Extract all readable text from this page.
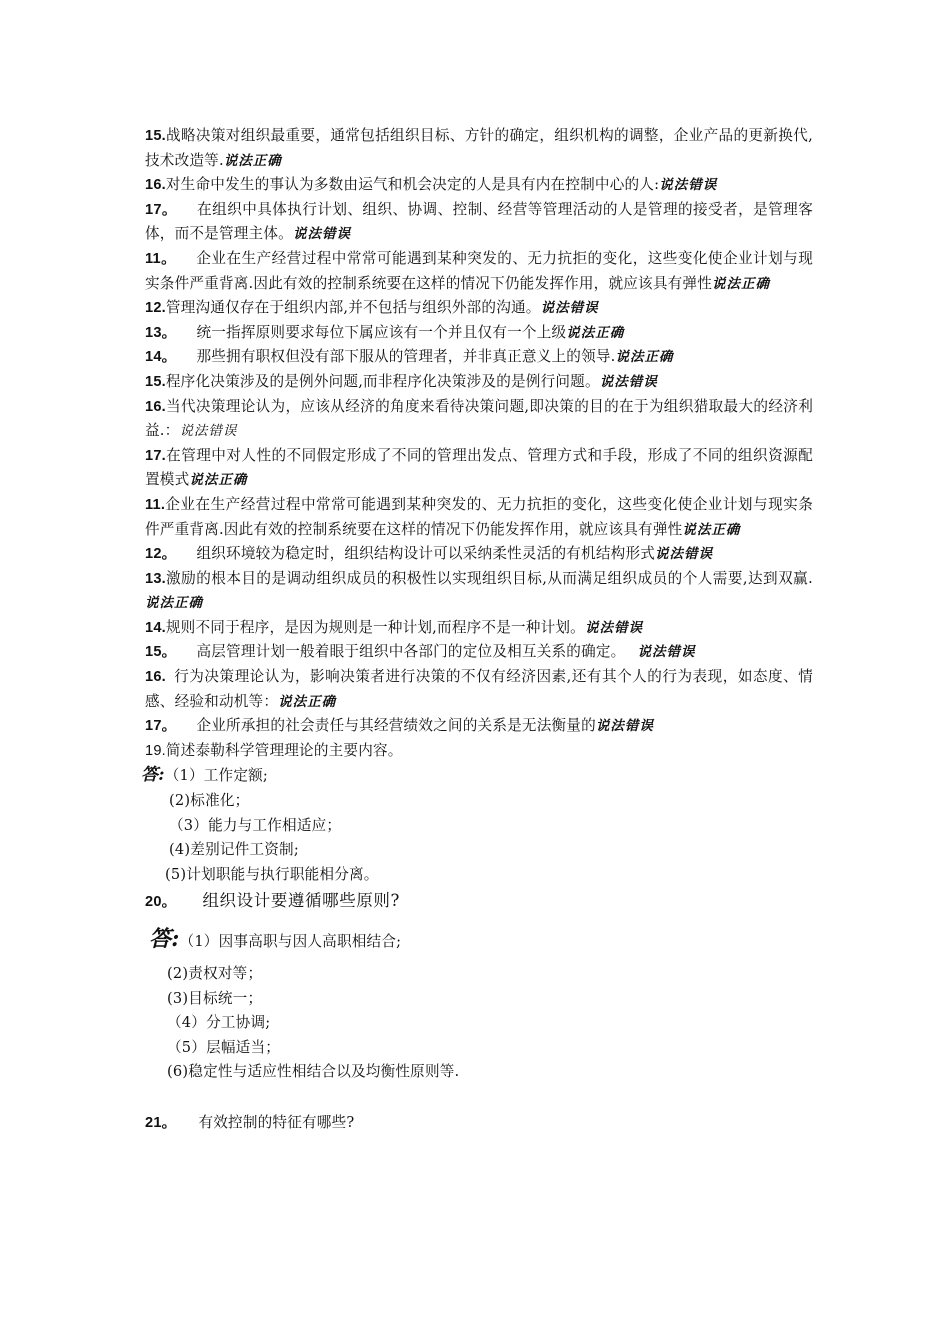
15.战略决策对组织最重要，通常包括组织目标、方针的确定，组织机构的调整，企业产品的更新换代,技术改造等.说法正确

16.对生命中发生的事认为多数由运气和机会决定的人是具有内在控制中心的人:说法错误

17。 在组织中具体执行计划、组织、协调、控制、经营等管理活动的人是管理的接受者，是管理客体，而不是管理主体。说法错误

11。 企业在生产经营过程中常常可能遇到某种突发的、无力抗拒的变化，这些变化使企业计划与现实条件严重背离.因此有效的控制系统要在这样的情况下仍能发挥作用，就应该具有弹性说法正确

12.管理沟通仅存在于组织内部,并不包括与组织外部的沟通。说法错误

13。 统一指挥原则要求每位下属应该有一个并且仅有一个上级说法正确

14。 那些拥有职权但没有部下服从的管理者，并非真正意义上的领导.说法正确

15.程序化决策涉及的是例外问题,而非程序化决策涉及的是例行问题。说法错误

16.当代决策理论认为，应该从经济的角度来看待决策问题,即决策的目的在于为组织猎取最大的经济利益.：说法错误

17.在管理中对人性的不同假定形成了不同的管理出发点、管理方式和手段，形成了不同的组织资源配置模式说法正确

11.企业在生产经营过程中常常可能遇到某种突发的、无力抗拒的变化，这些变化使企业计划与现实条件严重背离.因此有效的控制系统要在这样的情况下仍能发挥作用，就应该具有弹性说法正确

12。 组织环境较为稳定时，组织结构设计可以采纳柔性灵活的有机结构形式说法错误

13.激励的根本目的是调动组织成员的积极性以实现组织目标,从而满足组织成员的个人需要,达到双赢.说法正确

14.规则不同于程序，是因为规则是一种计划,而程序不是一种计划。说法错误

15。 高层管理计划一般着眼于组织中各部门的定位及相互关系的确定。 说法错误

16. 行为决策理论认为，影响决策者进行决策的不仅有经济因素,还有其个人的行为表现，如态度、情感、经验和动机等：说法正确

17。 企业所承担的社会责任与其经营绩效之间的关系是无法衡量的说法错误

19.简述泰勒科学管理理论的主要内容。

答:（1）工作定额;

(2)标准化；

（3）能力与工作相适应；

(4)差别记件工资制;

(5)计划职能与执行职能相分离。

20。 组织设计要遵循哪些原则?

答:（1）因事高职与因人高职相结合;

(2)责权对等；

(3)目标统一；

（4）分工协调;

（5）层幅适当；

(6)稳定性与适应性相结合以及均衡性原则等.

21。 有效控制的特征有哪些?
